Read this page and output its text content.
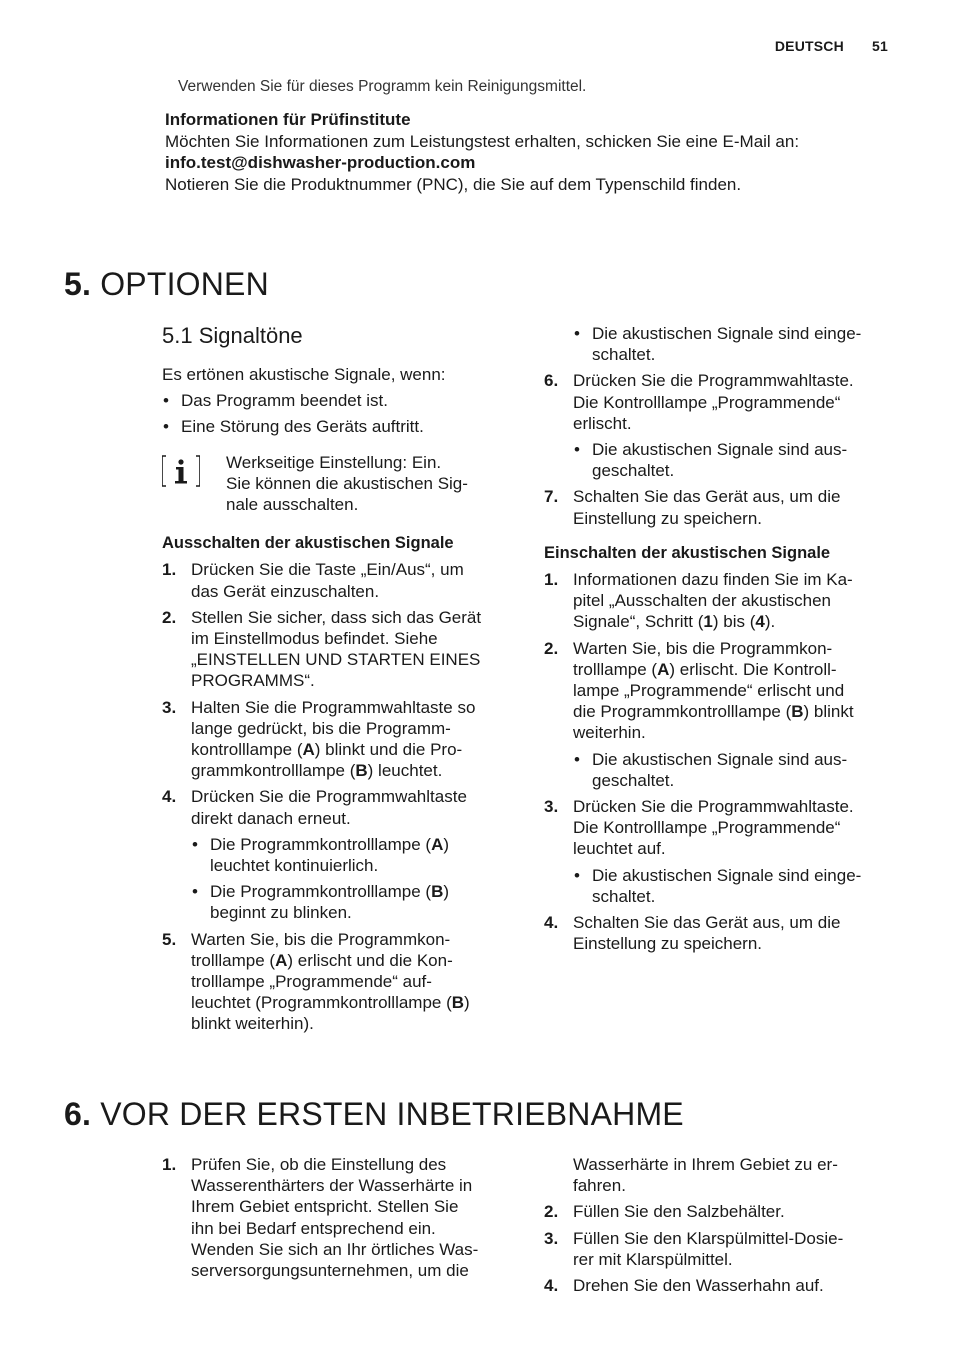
DEUTSCH 51
Verwenden Sie für dieses Programm kein Reinigungsmittel.

Informationen für Prüfinstitute

Möchten Sie Informationen zum Leistungstest erhalten, schicken Sie eine E-Mail an:

info.test@dishwasher-production.com

Notieren Sie die Produktnummer (PNC), die Sie auf dem Typenschild finden.

5. OPTIONEN
5.1 Signaltöne

Es ertönen akustische Signale, wenn:

• Das Programm beendet ist.
• Eine Störung des Geräts auftritt.

Werkseitige Einstellung: Ein.

Sie können die akustischen Sig-

nale ausschalten.

Ausschalten der akustischen Signale

1. Drücken Sie die Taste „Ein/Aus“, um

das Gerät einzuschalten.

2. Stellen Sie sicher, dass sich das Gerät

im Einstellmodus befindet. Siehe

„EINSTELLEN UND STARTEN EINES

PROGRAMMS“.

3. Halten Sie die Programmwahltaste so

lange gedrückt, bis die Programm-

kontrolllampe (A) blinkt und die Pro-

grammkontrolllampe (B) leuchtet.

4. Drücken Sie die Programmwahltaste

direkt danach erneut.

• Die Programmkontrolllampe (A)

leuchtet kontinuierlich.

• Die Programmkontrolllampe (B)

beginnt zu blinken.

5. Warten Sie, bis die Programmkon-

trolllampe (A) erlischt und die Kon-

trolllampe „Programmende“ auf-

leuchtet (Programmkontrolllampe (B)

blinkt weiterhin).

• Die akustischen Signale sind einge-

schaltet.

6. Drücken Sie die Programmwahltaste.

Die Kontrolllampe „Programmende“

erlischt.

• Die akustischen Signale sind aus-

geschaltet.

7. Schalten Sie das Gerät aus, um die

Einstellung zu speichern.

Einschalten der akustischen Signale

1. Informationen dazu finden Sie im Ka-

pitel „Ausschalten der akustischen

Signale“, Schritt (1) bis (4).

2. Warten Sie, bis die Programmkon-

trolllampe (A) erlischt. Die Kontroll-

lampe „Programmende“ erlischt und

die Programmkontrolllampe (B) blinkt

weiterhin.

• Die akustischen Signale sind aus-

geschaltet.

3. Drücken Sie die Programmwahltaste.

Die Kontrolllampe „Programmende“

leuchtet auf.

• Die akustischen Signale sind einge-

schaltet.

4. Schalten Sie das Gerät aus, um die

Einstellung zu speichern.

6. VOR DER ERSTEN INBETRIEBNAHME
1. Prüfen Sie, ob die Einstellung des

Wasserenthärters der Wasserhärte in

Ihrem Gebiet entspricht. Stellen Sie

ihn bei Bedarf entsprechend ein.

Wenden Sie sich an Ihr örtliches Was-

serversorgungsunternehmen, um die

Wasserhärte in Ihrem Gebiet zu er-

fahren.

2. Füllen Sie den Salzbehälter.

3. Füllen Sie den Klarspülmittel-Dosie-

rer mit Klarspülmittel.

4. Drehen Sie den Wasserhahn auf.
